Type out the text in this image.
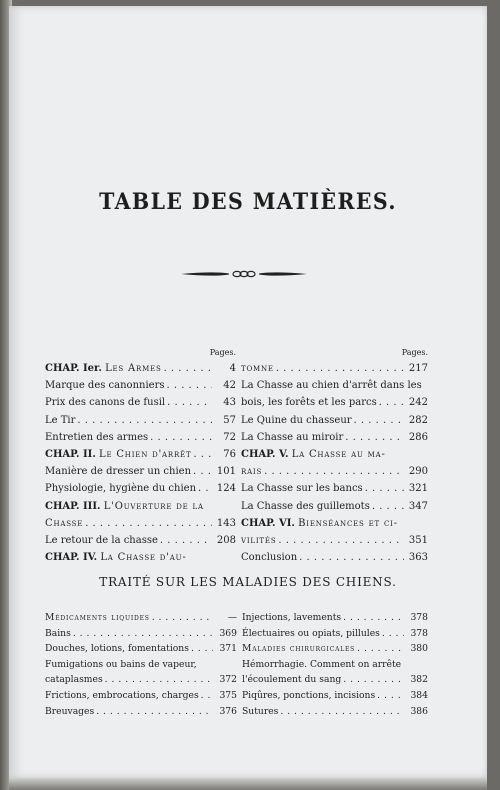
TABLE DES MATIÈRES.
Pages.
CHAP. Ier. Les Armes . . .	4
Marque des canonniers . . .	42
Prix des canons de fusil . . .	43
Le Tir . . .	57
Entretien des armes . . .	72
CHAP. II. Le Chien d'arrêt . . .	76
Manière de dresser un chien . . .	101
Physiologie, hygiène du chien . . . 124
CHAP. III. L'Ouverture de la
Chasse . . .	143
Le retour de la chasse . . .	208
CHAP. IV. La Chasse d'au-
Pages.
tomne . . .	217
La Chasse au chien d'arrêt dans les
bois, les forêts et les parcs . . .	242
Le Quine du chasseur . . .	282
La Chasse au miroir . . .	286
CHAP. V. La Chasse au ma-
rais . . .	290
La Chasse sur les bancs . . .	321
La Chasse des guillemots . . .	347
CHAP. VI. Bienséances et ci-
vilités . . .	351
Conclusion . . .	363
TRAITÉ SUR LES MALADIES DES CHIENS.
Médicaments liquides . . .	—
Bains . . .	369
Douches, lotions, fomentations . . .	371
Fumigations ou bains de vapeur,
cataplasmes . . .	372
Frictions, embrocations, charges . . .	375
Breuvages . . .	376
Injections, lavements . . .	378
Électuaires ou opiats, pillules . . .	378
Maladies chirurgicales . . .	380
Hémorrhagie. Comment on arrête
l'écoulement du sang . . .	382
Piqûres, ponctions, incisions . . .	384
Sutures . . .	386
